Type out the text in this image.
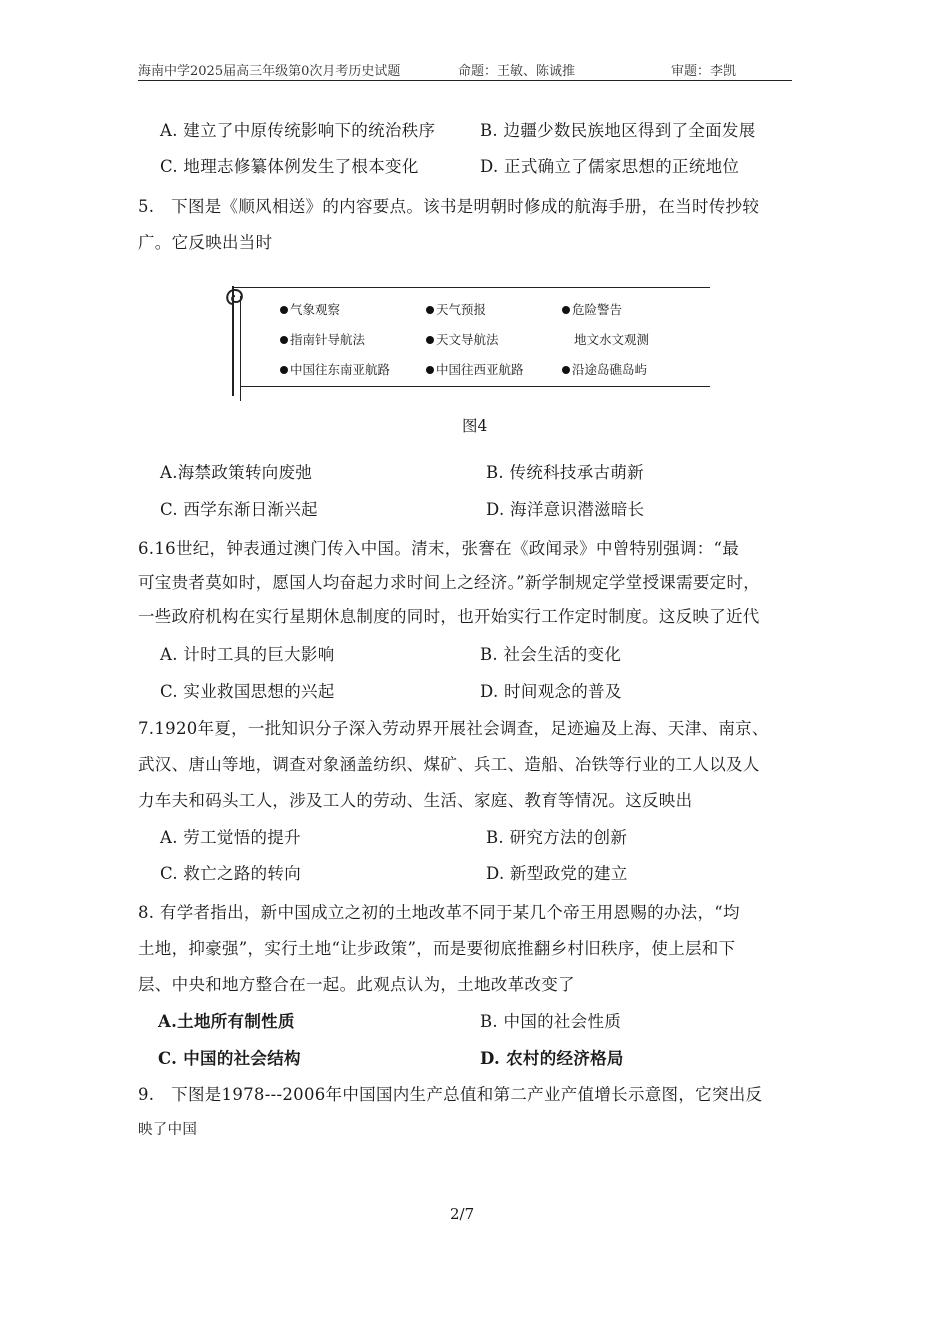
海南中学2025届高三年级第0次月考历史试题	命题：王敏、陈诚推	审题：李凯
A. 建立了中原传统影响下的统治秩序	B. 边疆少数民族地区得到了全面发展
C. 地理志修纂体例发生了根本变化	D. 正式确立了儒家思想的正统地位
5.　下图是《顺风相送》的内容要点。该书是明朝时修成的航海手册，在当时传抄较
广。它反映出当时
气象观察	天气预报	危险警告
指南针导航法	天文导航法	地文水文观测
中国往东南亚航路	中国往西亚航路	沿途岛礁岛屿
图4
A.海禁政策转向废弛	B. 传统科技承古萌新
C. 西学东渐日渐兴起	D. 海洋意识潜滋暗长
6.16世纪，钟表通过澳门传入中国。清末，张謇在《政闻录》中曾特别强调：“最
可宝贵者莫如时，愿国人均奋起力求时间上之经济。”新学制规定学堂授课需要定时，
一些政府机构在实行星期休息制度的同时，也开始实行工作定时制度。这反映了近代
A. 计时工具的巨大影响	B. 社会生活的变化
C. 实业救国思想的兴起	D. 时间观念的普及
7.1920年夏，一批知识分子深入劳动界开展社会调查，足迹遍及上海、天津、南京、
武汉、唐山等地，调查对象涵盖纺织、煤矿、兵工、造船、冶铁等行业的工人以及人
力车夫和码头工人，涉及工人的劳动、生活、家庭、教育等情况。这反映出
A. 劳工觉悟的提升	B. 研究方法的创新
C. 救亡之路的转向	D. 新型政党的建立
8. 有学者指出，新中国成立之初的土地改革不同于某几个帝王用恩赐的办法，“均
土地，抑豪强”，实行土地“让步政策”，而是要彻底推翻乡村旧秩序，使上层和下
层、中央和地方整合在一起。此观点认为，土地改革改变了
A.土地所有制性质	B. 中国的社会性质
C. 中国的社会结构	D. 农村的经济格局
9.　下图是1978---2006年中国国内生产总值和第二产业产值增长示意图，它突出反
映了中国
2/7
